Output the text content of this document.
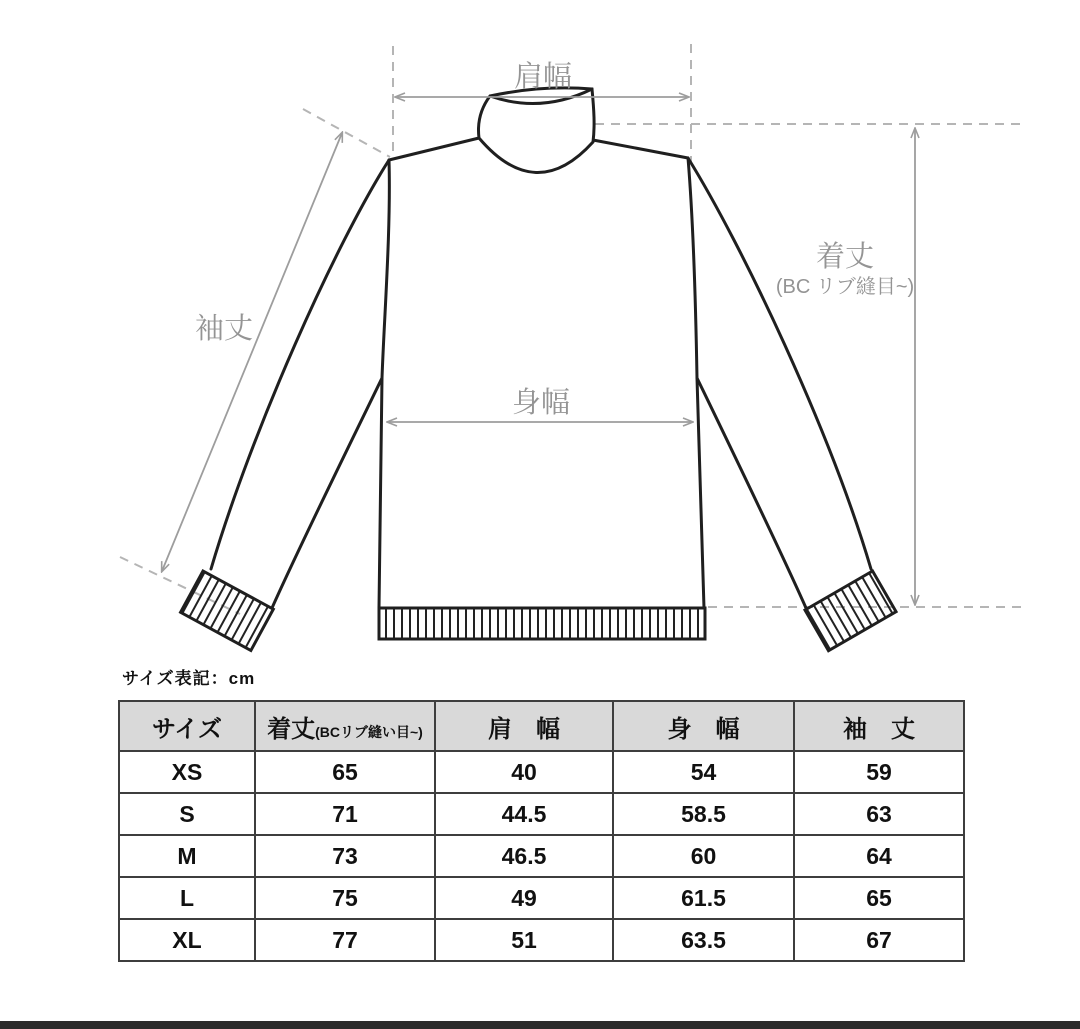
肩幅
袖丈
身幅
着丈
(BC リブ縫目~)
サイズ表記：cm
サイズ	着丈(BCリブ縫い目~)	肩　幅	身　幅	袖　丈
XS	65	40	54	59
S	71	44.5	58.5	63
M	73	46.5	60	64
L	75	49	61.5	65
XL	77	51	63.5	67
